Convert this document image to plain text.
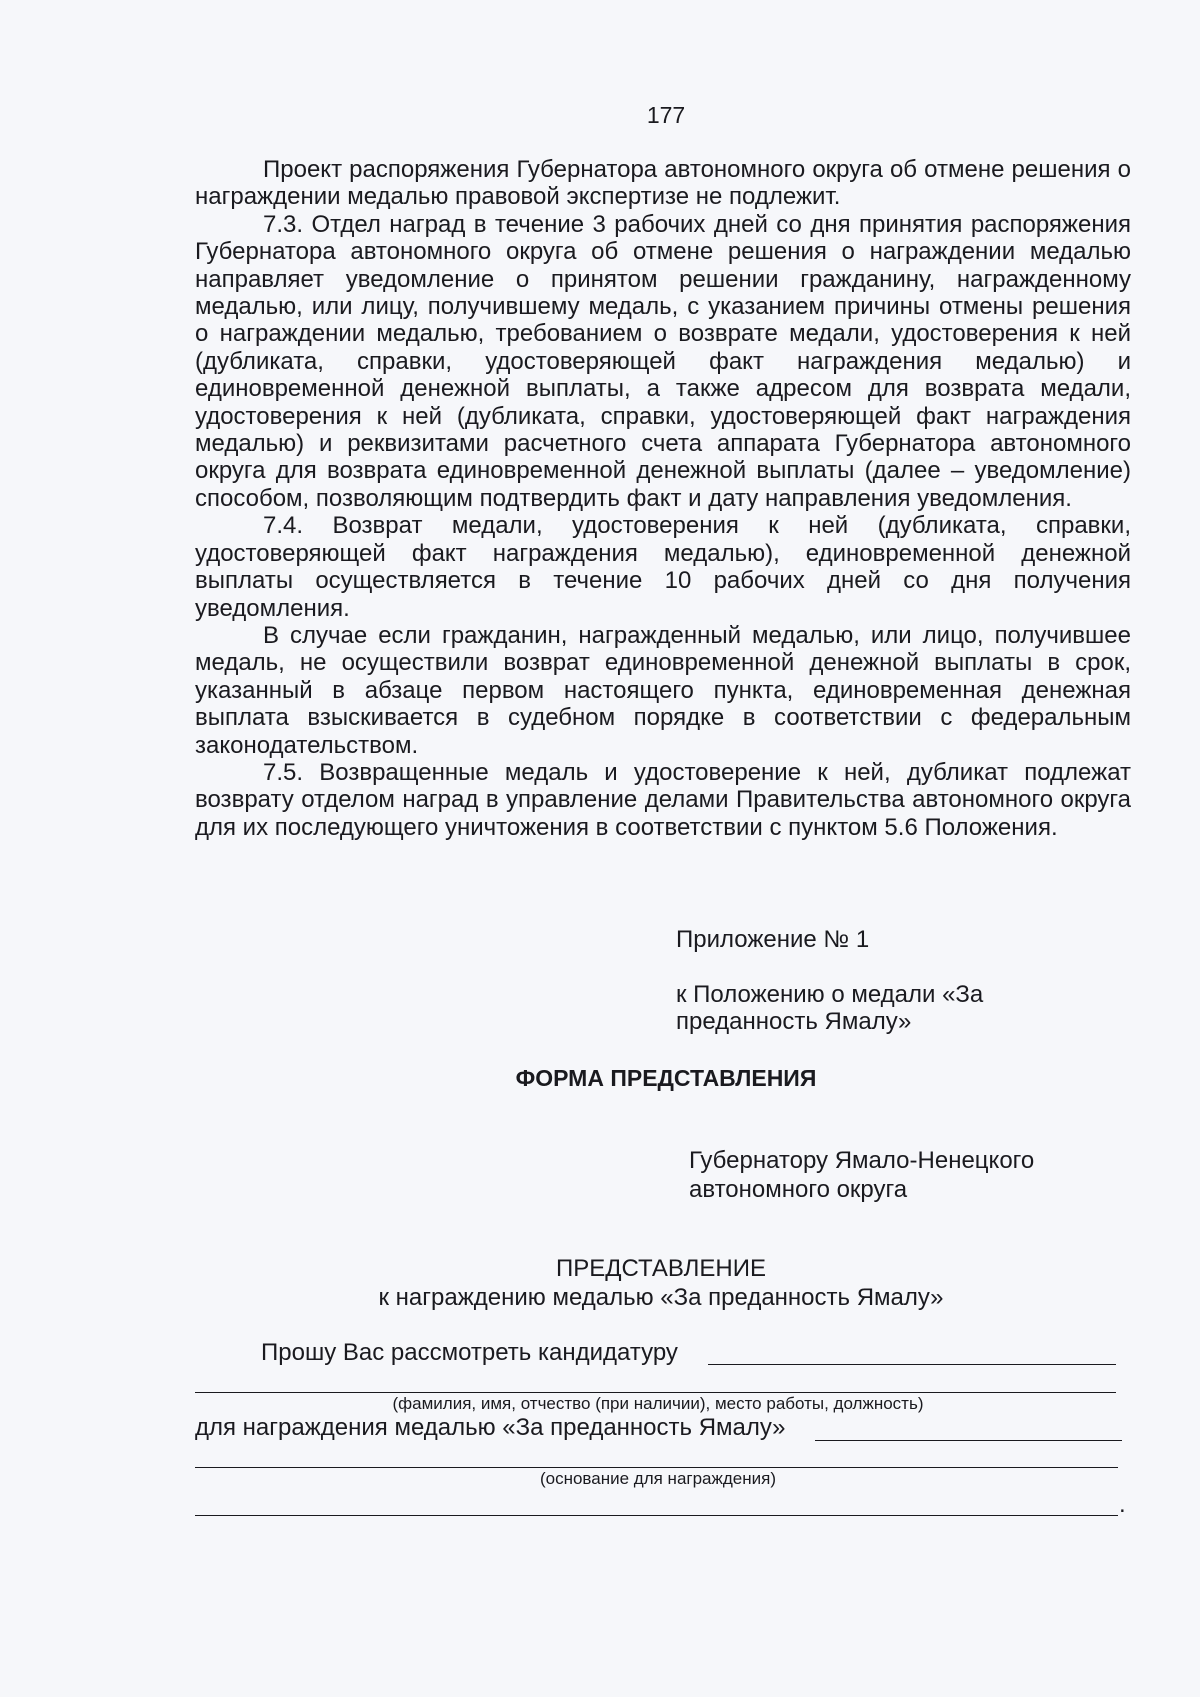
177

Проект распоряжения Губернатора автономного округа об отмене решения о награждении медалью правовой экспертизе не подлежит.

7.3. Отдел наград в течение 3 рабочих дней со дня принятия распоряжения Губернатора автономного округа об отмене решения о награждении медалью направляет уведомление о принятом решении гражданину, награжденному медалью, или лицу, получившему медаль, с указанием причины отмены решения о награждении медалью, требованием о возврате медали, удостоверения к ней (дубликата, справки, удостоверяющей факт награждения медалью) и единовременной денежной выплаты, а также адресом для возврата медали, удостоверения к ней (дубликата, справки, удостоверяющей факт награждения медалью) и реквизитами расчетного счета аппарата Губернатора автономного округа для возврата единовременной денежной выплаты (далее – уведомление) способом, позволяющим подтвердить факт и дату направления уведомления.

7.4. Возврат медали, удостоверения к ней (дубликата, справки, удостоверяющей факт награждения медалью), единовременной денежной выплаты осуществляется в течение 10 рабочих дней со дня получения уведомления.

В случае если гражданин, награжденный медалью, или лицо, получившее медаль, не осуществили возврат единовременной денежной выплаты в срок, указанный в абзаце первом настоящего пункта, единовременная денежная выплата взыскивается в судебном порядке в соответствии с федеральным законодательством.

7.5. Возвращенные медаль и удостоверение к ней, дубликат подлежат возврату отделом наград в управление делами Правительства автономного округа для их последующего уничтожения в соответствии с пунктом 5.6 Положения.

Приложение № 1
к Положению о медали «За преданность Ямалу»
ФОРМА ПРЕДСТАВЛЕНИЯ
Губернатору Ямало-Ненецкого автономного округа
ПРЕДСТАВЛЕНИЕ
к награждению медалью «За преданность Ямалу»
Прошу Вас рассмотреть кандидатуру
(фамилия, имя, отчество (при наличии), место работы, должность)
для награждения медалью «За преданность Ямалу»
(основание для награждения)
.
